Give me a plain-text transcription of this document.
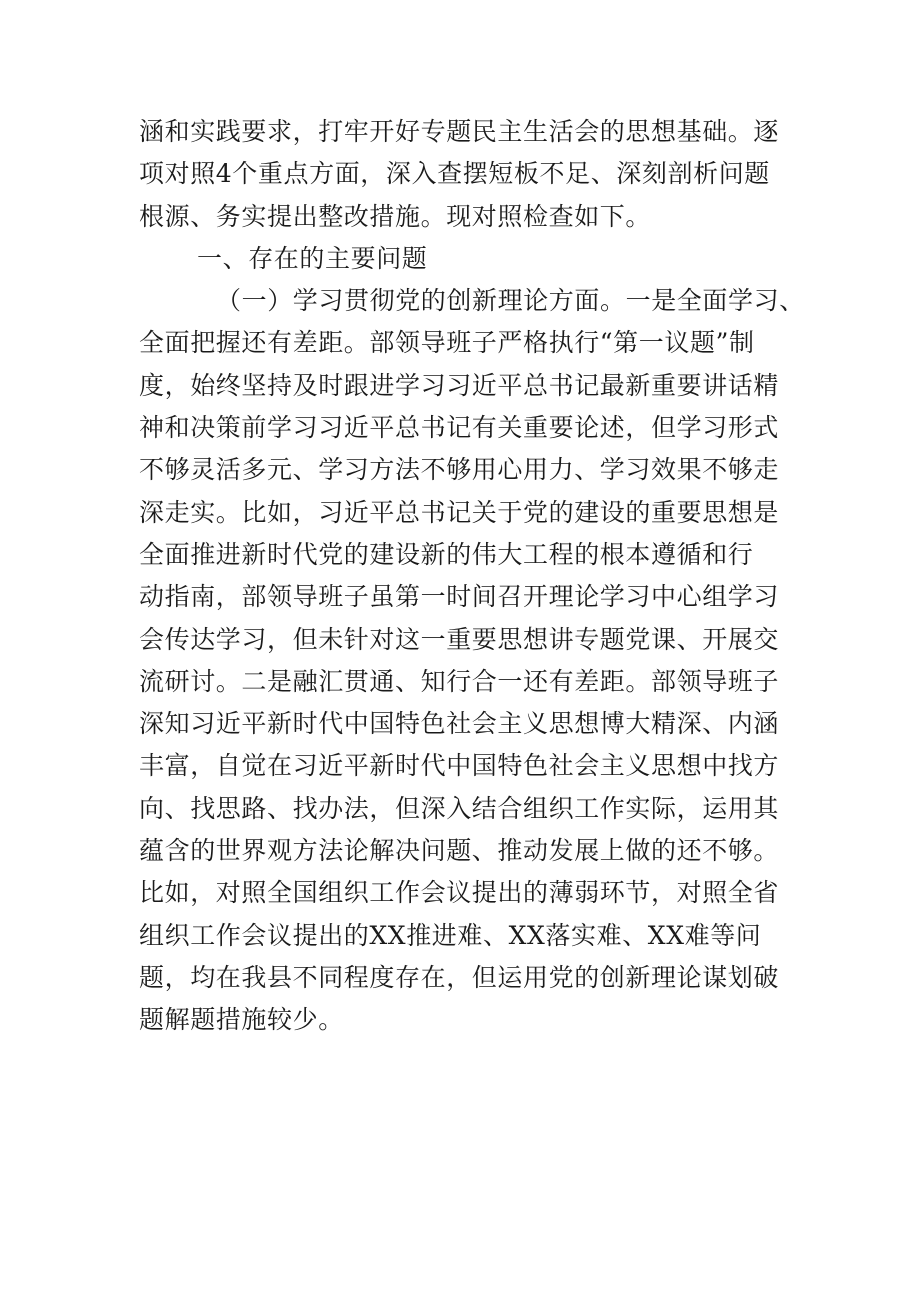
涵和实践要求，打牢开好专题民主生活会的思想基础。逐
项对照4个重点方面，深入查摆短板不足、深刻剖析问题
根源、务实提出整改措施。现对照检查如下。
一、存在的主要问题
（一）学习贯彻党的创新理论方面。一是全面学习、
全面把握还有差距。部领导班子严格执行“第一议题”制
度，始终坚持及时跟进学习习近平总书记最新重要讲话精
神和决策前学习习近平总书记有关重要论述，但学习形式
不够灵活多元、学习方法不够用心用力、学习效果不够走
深走实。比如，习近平总书记关于党的建设的重要思想是
全面推进新时代党的建设新的伟大工程的根本遵循和行
动指南，部领导班子虽第一时间召开理论学习中心组学习
会传达学习，但未针对这一重要思想讲专题党课、开展交
流研讨。二是融汇贯通、知行合一还有差距。部领导班子
深知习近平新时代中国特色社会主义思想博大精深、内涵
丰富，自觉在习近平新时代中国特色社会主义思想中找方
向、找思路、找办法，但深入结合组织工作实际，运用其
蕴含的世界观方法论解决问题、推动发展上做的还不够。
比如，对照全国组织工作会议提出的薄弱环节，对照全省
组织工作会议提出的XX推进难、XX落实难、XX难等问
题，均在我县不同程度存在，但运用党的创新理论谋划破
题解题措施较少。
